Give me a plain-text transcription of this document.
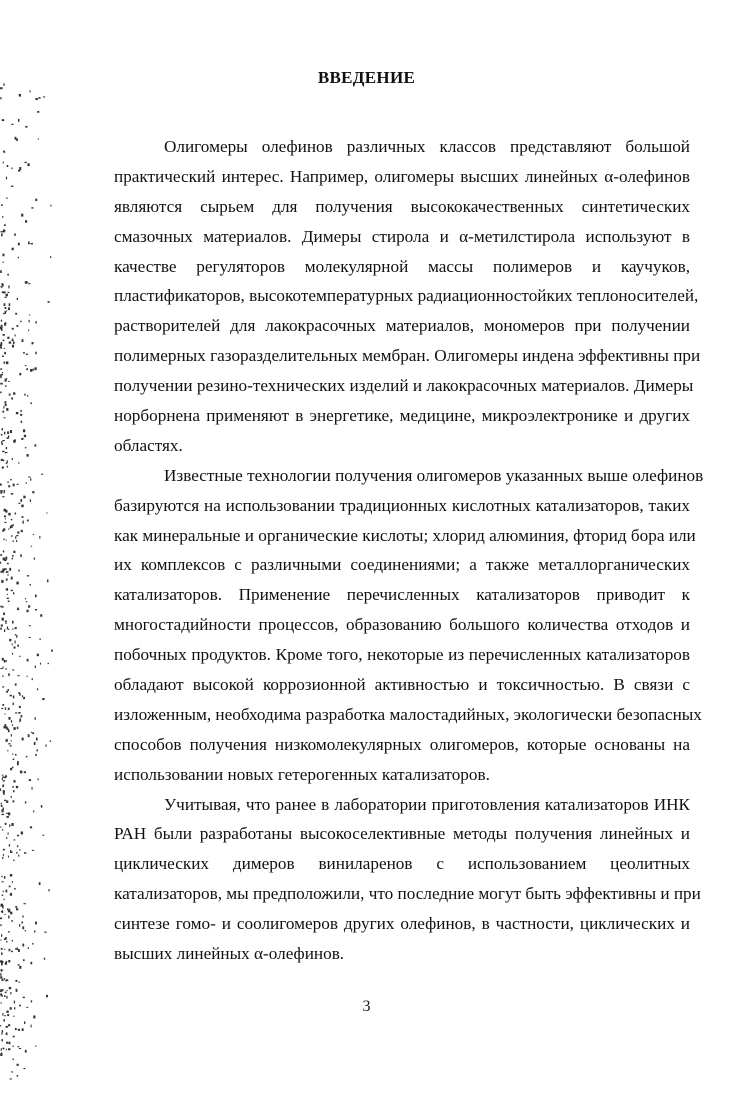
ВВЕДЕНИЕ
Олигомеры олефинов различных классов представляют большой
практический интерес. Например, олигомеры высших линейных α-олефинов
являются сырьем для получения высококачественных синтетических
смазочных материалов. Димеры стирола и α-метилстирола используют в
качестве регуляторов молекулярной массы полимеров и каучуков,
пластификаторов, высокотемпературных радиационностойких теплоносителей,
растворителей для лакокрасочных материалов, мономеров при получении
полимерных газоразделительных мембран. Олигомеры индена эффективны при
получении резино-технических изделий и лакокрасочных материалов. Димеры
норборнена применяют в энергетике, медицине, микроэлектронике и других
областях.
Известные технологии получения олигомеров указанных выше олефинов
базируются на использовании традиционных кислотных катализаторов, таких
как минеральные и органические кислоты; хлорид алюминия, фторид бора или
их комплексов с различными соединениями; а также металлорганических
катализаторов. Применение перечисленных катализаторов приводит к
многостадийности процессов, образованию большого количества отходов и
побочных продуктов. Кроме того, некоторые из перечисленных катализаторов
обладают высокой коррозионной активностью и токсичностью. В связи с
изложенным, необходима разработка малостадийных, экологически безопасных
способов получения низкомолекулярных олигомеров, которые основаны на
использовании новых гетерогенных катализаторов.
Учитывая, что ранее в лаборатории приготовления катализаторов ИНК
РАН были разработаны высокоселективные методы получения линейных и
циклических димеров виниларенов с использованием цеолитных
катализаторов, мы предположили, что последние могут быть эффективны и при
синтезе гомо- и соолигомеров других олефинов, в частности, циклических и
высших линейных α-олефинов.
3
